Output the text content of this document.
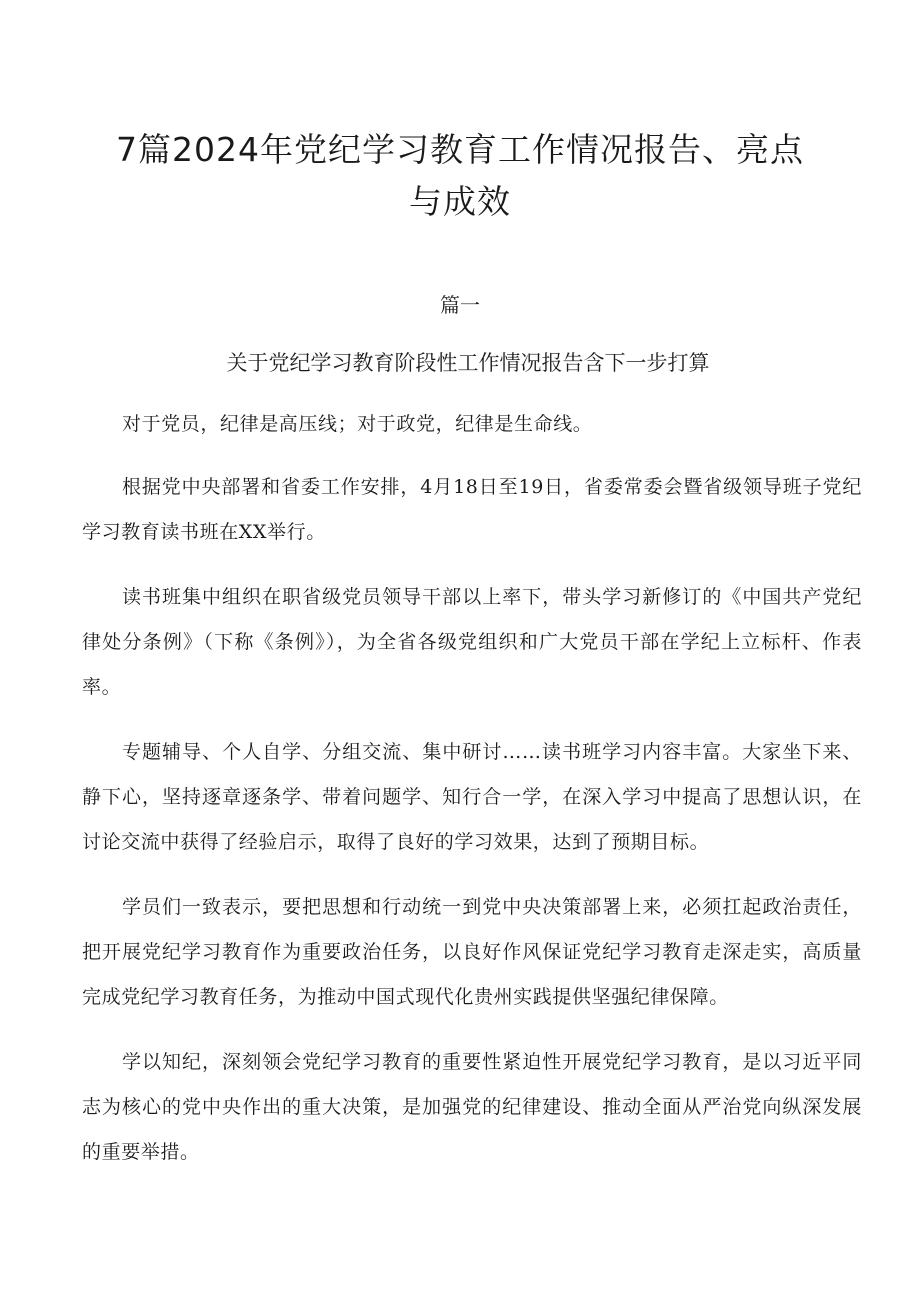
7篇2024年党纪学习教育工作情况报告、亮点与成效

篇一

关于党纪学习教育阶段性工作情况报告含下一步打算

对于党员，纪律是高压线；对于政党，纪律是生命线。

根据党中央部署和省委工作安排，4月18日至19日，省委常委会暨省级领导班子党纪学习教育读书班在XX举行。

读书班集中组织在职省级党员领导干部以上率下，带头学习新修订的《中国共产党纪律处分条例》（下称《条例》），为全省各级党组织和广大党员干部在学纪上立标杆、作表率。

专题辅导、个人自学、分组交流、集中研讨……读书班学习内容丰富。大家坐下来、静下心，坚持逐章逐条学、带着问题学、知行合一学，在深入学习中提高了思想认识，在讨论交流中获得了经验启示，取得了良好的学习效果，达到了预期目标。

学员们一致表示，要把思想和行动统一到党中央决策部署上来，必须扛起政治责任，把开展党纪学习教育作为重要政治任务，以良好作风保证党纪学习教育走深走实，高质量完成党纪学习教育任务，为推动中国式现代化贵州实践提供坚强纪律保障。

学以知纪，深刻领会党纪学习教育的重要性紧迫性开展党纪学习教育，是以习近平同志为核心的党中央作出的重大决策，是加强党的纪律建设、推动全面从严治党向纵深发展的重要举措。
